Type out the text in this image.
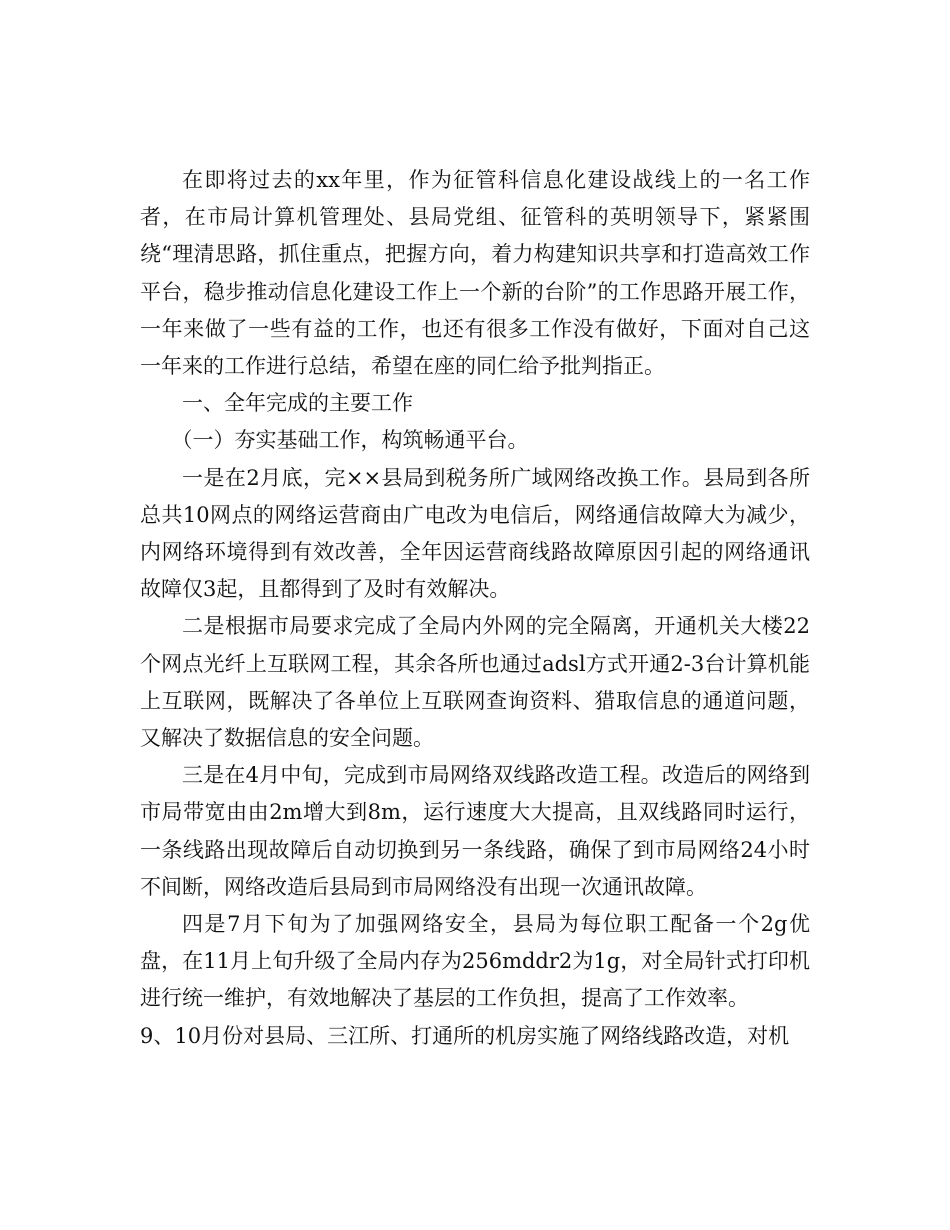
在即将过去的xx年里，作为征管科信息化建设战线上的一名工作者，在市局计算机管理处、县局党组、征管科的英明领导下，紧紧围绕“理清思路，抓住重点，把握方向，着力构建知识共享和打造高效工作平台，稳步推动信息化建设工作上一个新的台阶”的工作思路开展工作，一年来做了一些有益的工作，也还有很多工作没有做好，下面对自己这一年来的工作进行总结，希望在座的同仁给予批判指正。

一、全年完成的主要工作

（一）夯实基础工作，构筑畅通平台。

一是在2月底，完××县局到税务所广域网络改换工作。县局到各所总共10网点的网络运营商由广电改为电信后，网络通信故障大为减少，内网络环境得到有效改善，全年因运营商线路故障原因引起的网络通讯故障仅3起，且都得到了及时有效解决。

二是根据市局要求完成了全局内外网的完全隔离，开通机关大楼22个网点光纤上互联网工程，其余各所也通过adsl方式开通2-3台计算机能上互联网，既解决了各单位上互联网查询资料、猎取信息的通道问题，又解决了数据信息的安全问题。

三是在4月中旬，完成到市局网络双线路改造工程。改造后的网络到市局带宽由由2m增大到8m，运行速度大大提高，且双线路同时运行，一条线路出现故障后自动切换到另一条线路，确保了到市局网络24小时不间断，网络改造后县局到市局网络没有出现一次通讯故障。

四是7月下旬为了加强网络安全，县局为每位职工配备一个2g优盘，在11月上旬升级了全局内存为256mddr2为1g，对全局针式打印机进行统一维护，有效地解决了基层的工作负担，提高了工作效率。

9、10月份对县局、三江所、打通所的机房实施了网络线路改造，对机
